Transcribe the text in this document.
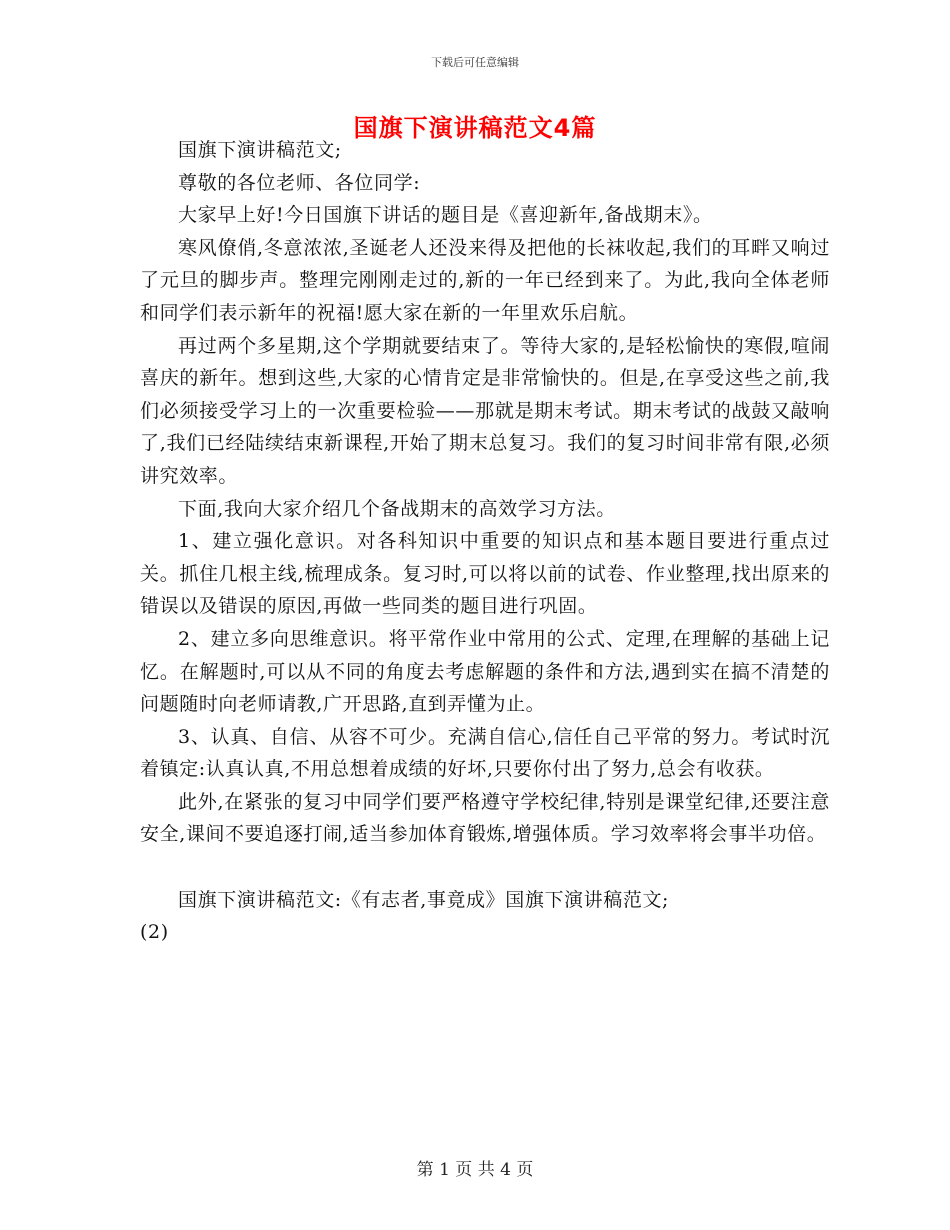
下载后可任意编辑
国旗下演讲稿范文4篇

国旗下演讲稿范文;

尊敬的各位老师、各位同学:

大家早上好!今日国旗下讲话的题目是《喜迎新年,备战期末》。

寒风僚俏,冬意浓浓,圣诞老人还没来得及把他的长袜收起,我们的耳畔又响过了元旦的脚步声。整理完刚刚走过的,新的一年已经到来了。为此,我向全体老师和同学们表示新年的祝福!愿大家在新的一年里欢乐启航。

再过两个多星期,这个学期就要结束了。等待大家的,是轻松愉快的寒假,喧闹喜庆的新年。想到这些,大家的心情肯定是非常愉快的。但是,在享受这些之前,我们必须接受学习上的一次重要检验——那就是期末考试。期末考试的战鼓又敲响了,我们已经陆续结束新课程,开始了期末总复习。我们的复习时间非常有限,必须讲究效率。

下面,我向大家介绍几个备战期末的高效学习方法。

1、建立强化意识。对各科知识中重要的知识点和基本题目要进行重点过关。抓住几根主线,梳理成条。复习时,可以将以前的试卷、作业整理,找出原来的错误以及错误的原因,再做一些同类的题目进行巩固。

2、建立多向思维意识。将平常作业中常用的公式、定理,在理解的基础上记忆。在解题时,可以从不同的角度去考虑解题的条件和方法,遇到实在搞不清楚的问题随时向老师请教,广开思路,直到弄懂为止。

3、认真、自信、从容不可少。充满自信心,信任自己平常的努力。考试时沉着镇定:认真认真,不用总想着成绩的好坏,只要你付出了努力,总会有收获。

此外,在紧张的复习中同学们要严格遵守学校纪律,特别是课堂纪律,还要注意安全,课间不要追逐打闹,适当参加体育锻炼,增强体质。学习效率将会事半功倍。

国旗下演讲稿范文:《有志者,事竟成》国旗下演讲稿范文;

(2)

第 1 页 共 4 页
